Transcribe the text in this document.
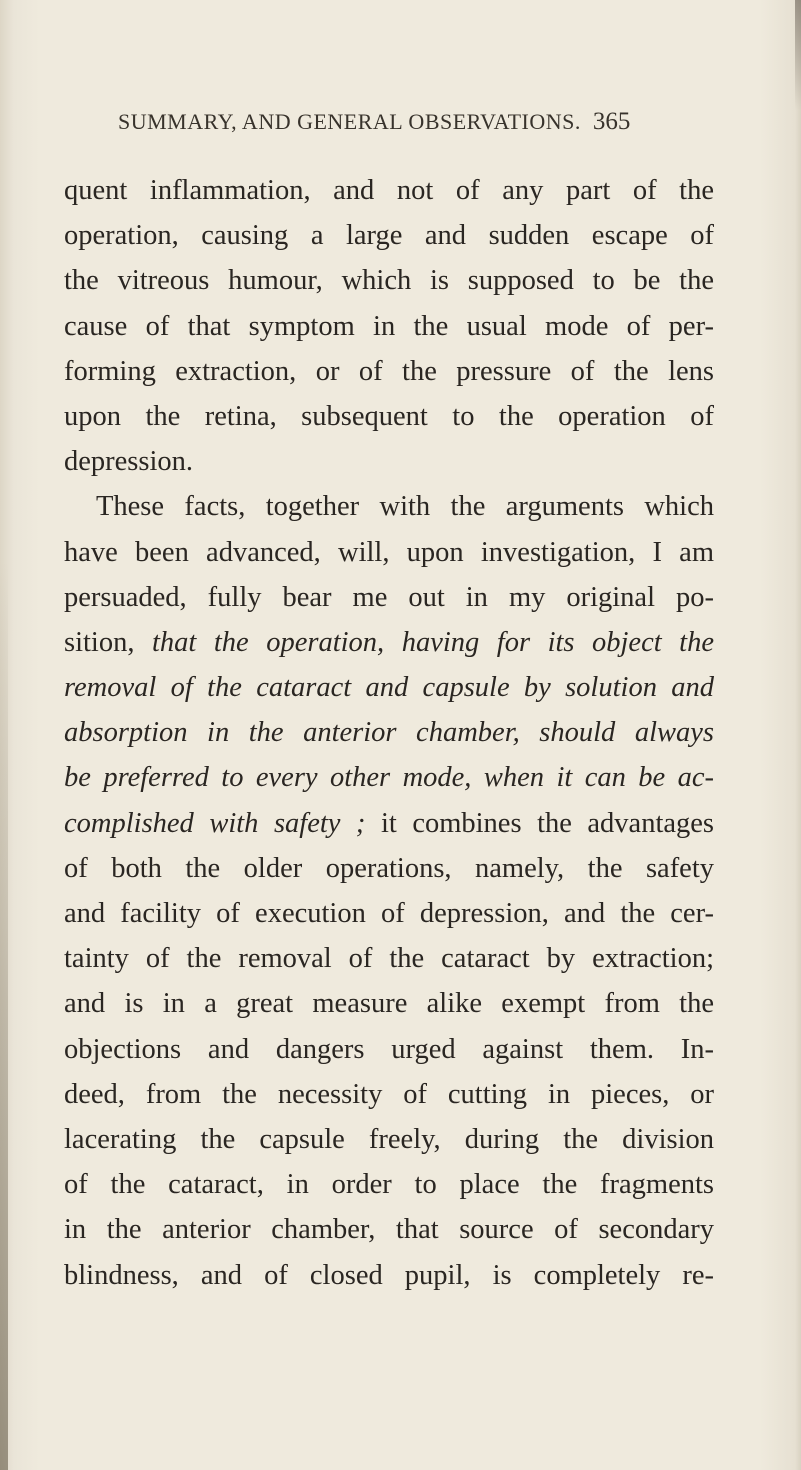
SUMMARY, AND GENERAL OBSERVATIONS. 365
quent inflammation, and not of any part of the
operation, causing a large and sudden escape of
the vitreous humour, which is supposed to be the
cause of that symptom in the usual mode of per-
forming extraction, or of the pressure of the lens
upon the retina, subsequent to the operation of
depression.
These facts, together with the arguments which
have been advanced, will, upon investigation, I am
persuaded, fully bear me out in my original po-
sition, that the operation, having for its object the
removal of the cataract and capsule by solution and
absorption in the anterior chamber, should always
be preferred to every other mode, when it can be ac-
complished with safety ; it combines the advantages
of both the older operations, namely, the safety
and facility of execution of depression, and the cer-
tainty of the removal of the cataract by extraction;
and is in a great measure alike exempt from the
objections and dangers urged against them. In-
deed, from the necessity of cutting in pieces, or
lacerating the capsule freely, during the division
of the cataract, in order to place the fragments
in the anterior chamber, that source of secondary
blindness, and of closed pupil, is completely re-
